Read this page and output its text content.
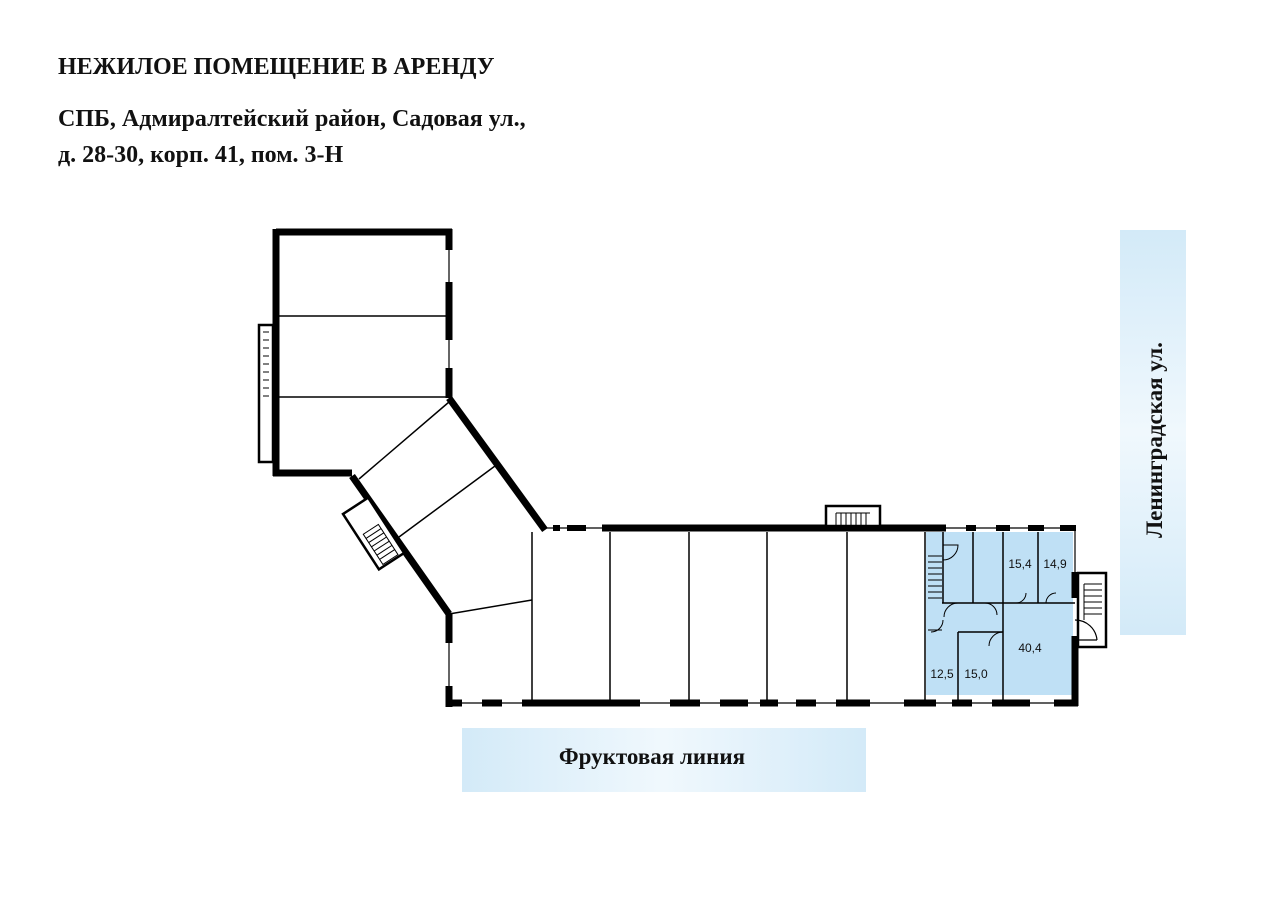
НЕЖИЛОЕ ПОМЕЩЕНИЕ В АРЕНДУ
СПБ, Адмиралтейский район, Садовая ул.,
д. 28-30, корп. 41, пом. 3-Н
Фруктовая линия
Ленинградская ул.
15,4 14,9
40,4
12,5 15,0
